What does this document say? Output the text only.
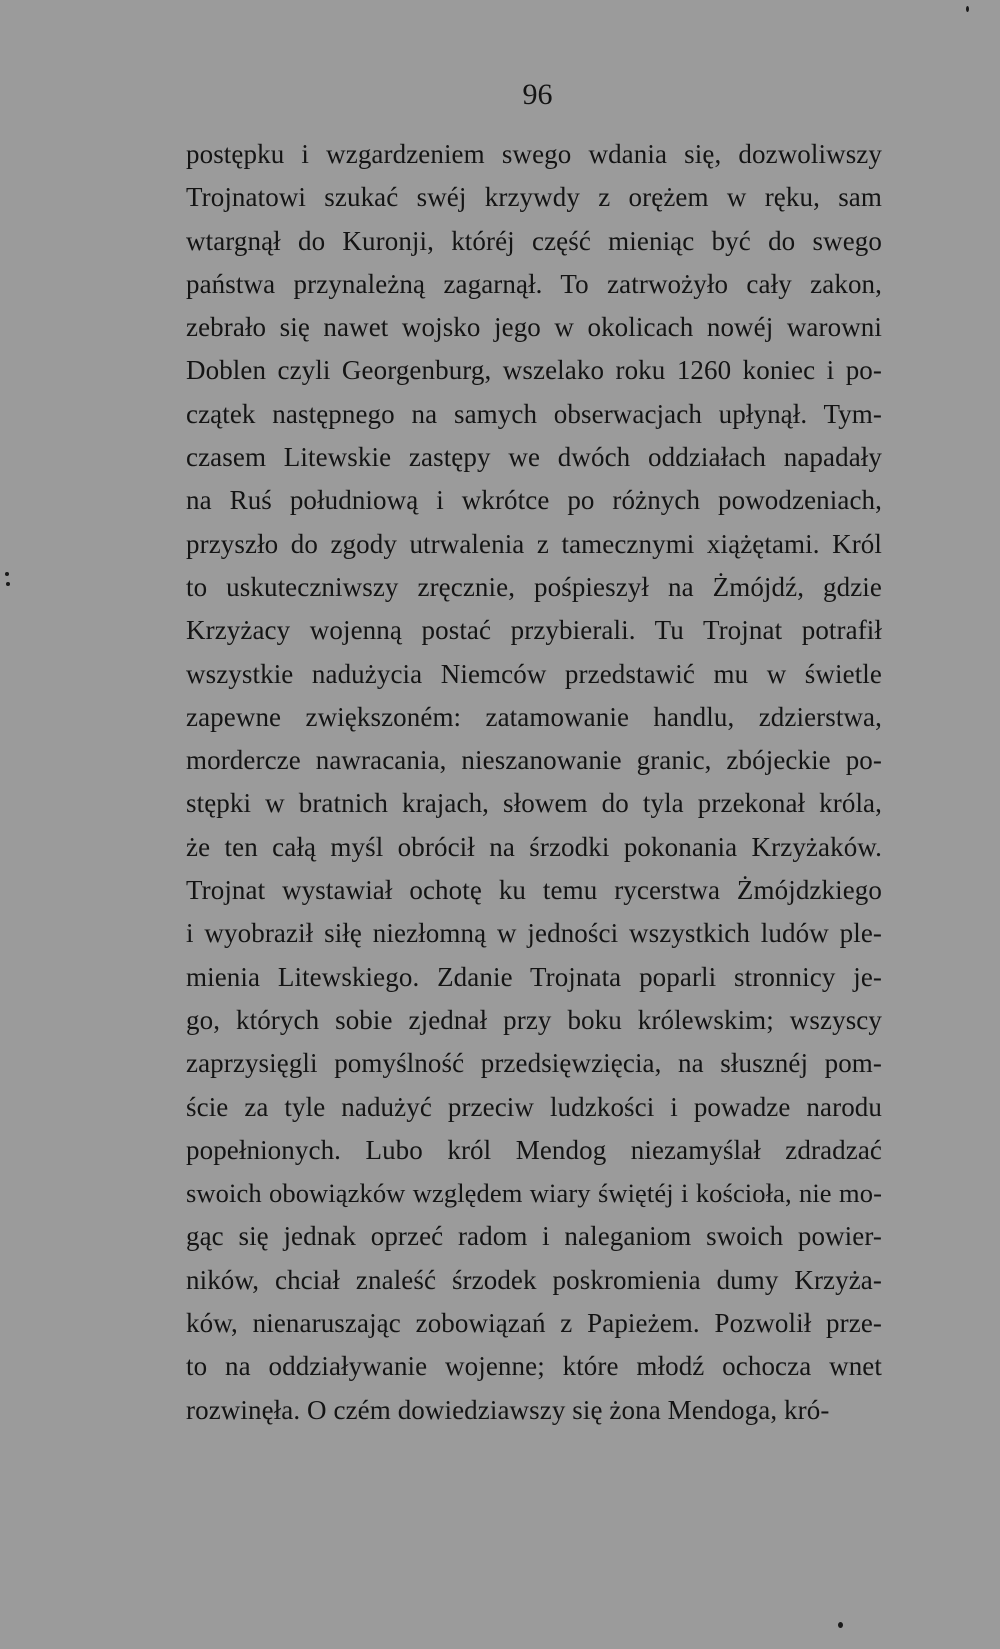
96
postępku i wzgardzeniem swego wdania się, dozwoliwszy
Trojnatowi szukać swéj krzywdy z orężem w ręku, sam
wtargnął do Kuronji, któréj część mieniąc być do swego
państwa przynależną zagarnął. To zatrwożyło cały zakon,
zebrało się nawet wojsko jego w okolicach nowéj warowni
Doblen czyli Georgenburg, wszelako roku 1260 koniec i po-
czątek następnego na samych obserwacjach upłynął. Tym-
czasem Litewskie zastępy we dwóch oddziałach napadały
na Ruś południową i wkrótce po różnych powodzeniach,
przyszło do zgody utrwalenia z tamecznymi xiążętami. Król
to uskuteczniwszy zręcznie, pośpieszył na Żmójdź, gdzie
Krzyżacy wojenną postać przybierali. Tu Trojnat potrafił
wszystkie nadużycia Niemców przedstawić mu w świetle
zapewne zwiększoném: zatamowanie handlu, zdzierstwa,
mordercze nawracania, nieszanowanie granic, zbójeckie po-
stępki w bratnich krajach, słowem do tyla przekonał króla,
że ten całą myśl obrócił na śrzodki pokonania Krzyżaków.
Trojnat wystawiał ochotę ku temu rycerstwa Żmójdzkiego
i wyobraził siłę niezłomną w jedności wszystkich ludów ple-
mienia Litewskiego. Zdanie Trojnata poparli stronnicy je-
go, których sobie zjednał przy boku królewskim; wszyscy
zaprzysięgli pomyślność przedsięwzięcia, na słusznéj pom-
ście za tyle nadużyć przeciw ludzkości i powadze narodu
popełnionych. Lubo król Mendog niezamyślał zdradzać
swoich obowiązków względem wiary świętéj i kościoła, nie mo-
gąc się jednak oprzeć radom i naleganiom swoich powier-
ników, chciał znaleść śrzodek poskromienia dumy Krzyża-
ków, nienaruszając zobowiązań z Papieżem. Pozwolił prze-
to na oddziaływanie wojenne; które młodź ochocza wnet
rozwinęła. O czém dowiedziawszy się żona Mendoga, kró-
